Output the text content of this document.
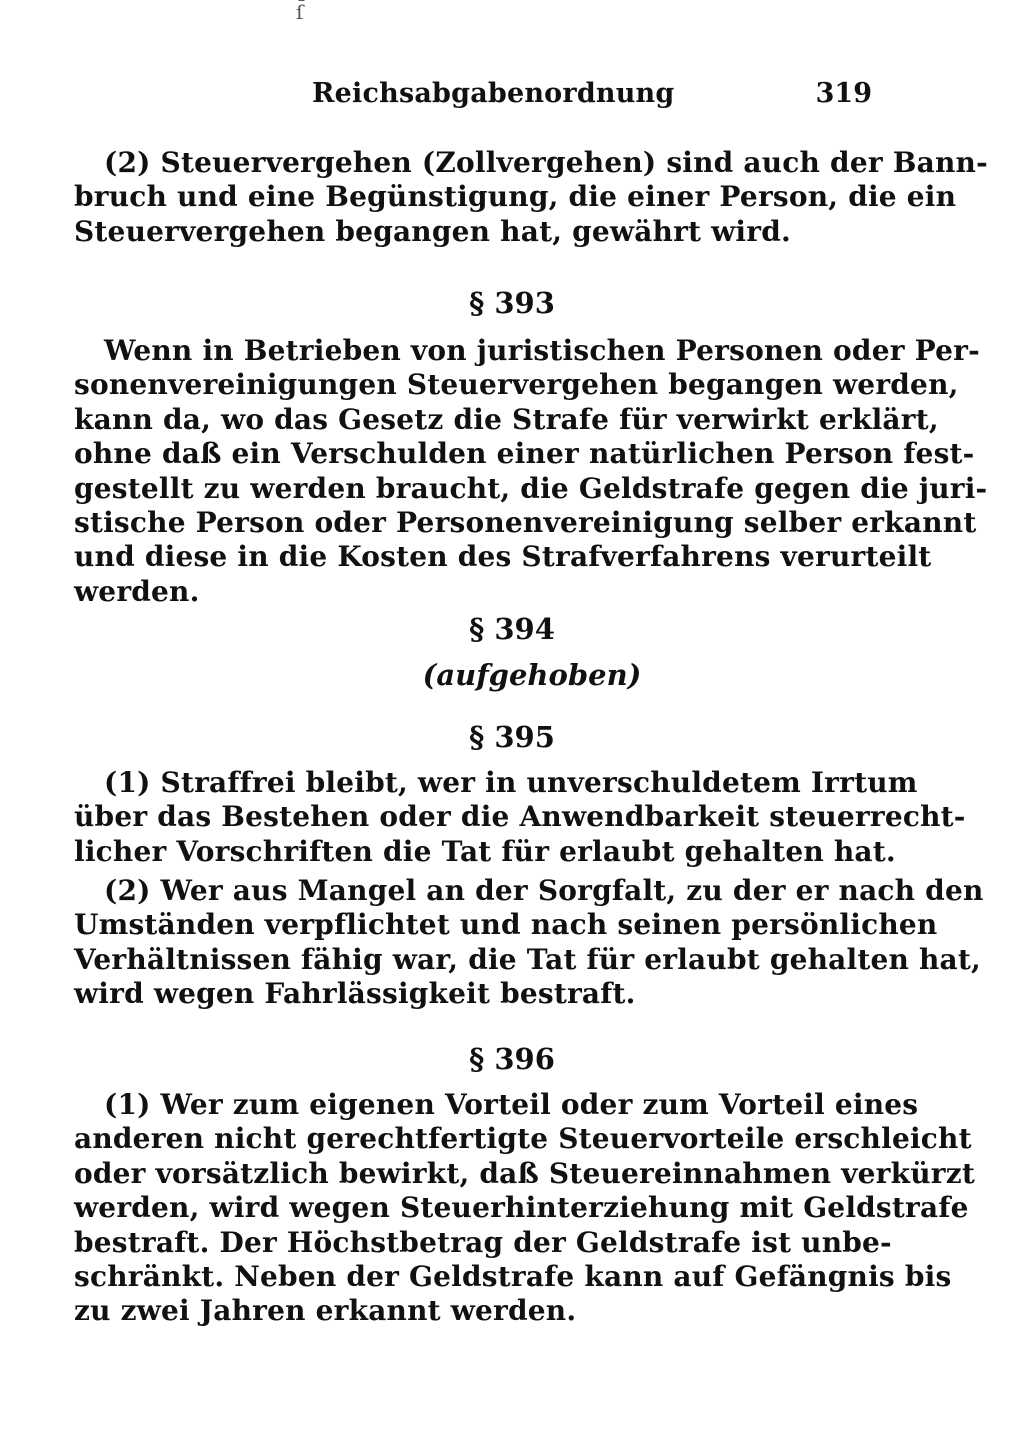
ſ̄
Reichsabgabenordnung	319
(2) Steuervergehen (Zollvergehen) sind auch der Bann-
bruch und eine Begünstigung, die einer Person, die ein
Steuervergehen begangen hat, gewährt wird.
§ 393
Wenn in Betrieben von juristischen Personen oder Per-
sonenvereinigungen Steuervergehen begangen werden,
kann da, wo das Gesetz die Strafe für verwirkt erklärt,
ohne daß ein Verschulden einer natürlichen Person fest-
gestellt zu werden braucht, die Geldstrafe gegen die juri-
stische Person oder Personenvereinigung selber erkannt
und diese in die Kosten des Strafverfahrens verurteilt
werden.
§ 394
(aufgehoben)
§ 395
(1) Straffrei bleibt, wer in unverschuldetem Irrtum
über das Bestehen oder die Anwendbarkeit steuerrecht-
licher Vorschriften die Tat für erlaubt gehalten hat.
(2) Wer aus Mangel an der Sorgfalt, zu der er nach den
Umständen verpflichtet und nach seinen persönlichen
Verhältnissen fähig war, die Tat für erlaubt gehalten hat,
wird wegen Fahrlässigkeit bestraft.
§ 396
(1) Wer zum eigenen Vorteil oder zum Vorteil eines
anderen nicht gerechtfertigte Steuervorteile erschleicht
oder vorsätzlich bewirkt, daß Steuereinnahmen verkürzt
werden, wird wegen Steuerhinterziehung mit Geldstrafe
bestraft. Der Höchstbetrag der Geldstrafe ist unbe-
schränkt. Neben der Geldstrafe kann auf Gefängnis bis
zu zwei Jahren erkannt werden.
